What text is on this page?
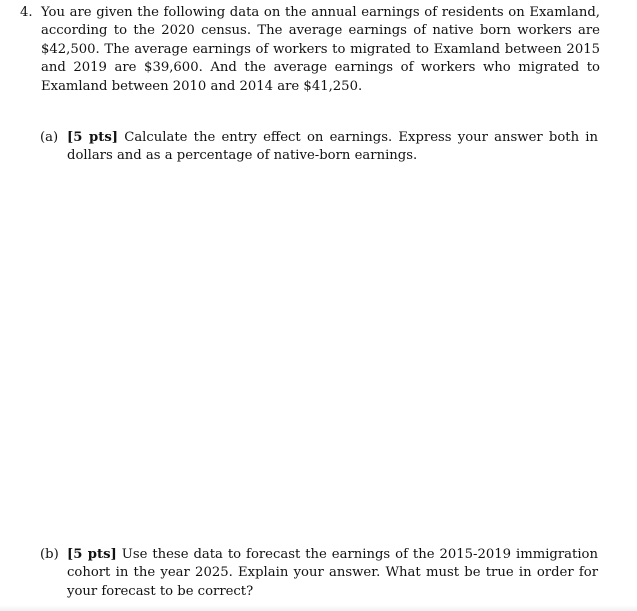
4. You are given the following data on the annual earnings of residents on Examland, according to the 2020 census. The average earnings of native born workers are $42,500. The average earnings of workers to migrated to Examland between 2015 and 2019 are $39,600. And the average earnings of workers who migrated to Examland between 2010 and 2014 are $41,250.
(a) [5 pts] Calculate the entry effect on earnings. Express your answer both in dollars and as a percentage of native-born earnings.
(b) [5 pts] Use these data to forecast the earnings of the 2015-2019 immigration cohort in the year 2025. Explain your answer. What must be true in order for your forecast to be correct?
